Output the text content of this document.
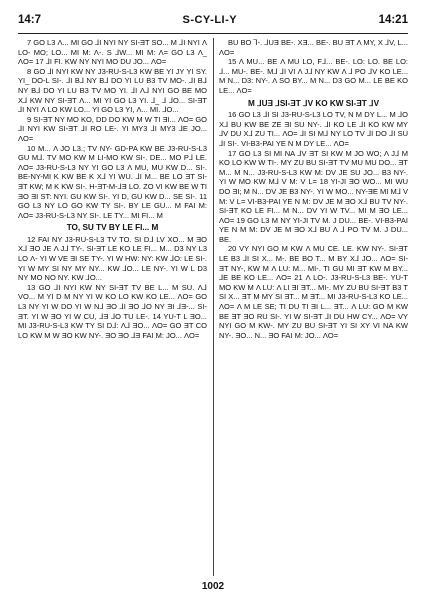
14:7	S-CY-LI-Y	14:21

7 GO L3 Λ... MI GO ⅃I NYI NY SI-ƎT SO... M ⅃I NYI Λ LO- MO; LO... MI M: Λ-. S ⅃W... MI M: Λ= GO L3 Λ_ ΛO= 17 ⅃I FI. KW NY NYI MO DU JO... ΛO=

8 GO ⅃I NYI KW NY J3-RU-S-L3 KW BE YI JY YI SY. YI_ DO-L SI-. ⅃I B⅃ NY B⅃ DO YI LU B3 TV MO-. ⅃I B⅃ NY B⅃ DO YI LU B3 TV MO YI. ⅃I Λ⅃ NYI GO BE MO X⅃ KW NY SI-ƎT Λ... MI YI GO L3 YI. ⅃_ ⅃ ⅃O... SI-ƎT ⅃I NYI Λ LO KW LO... YI GO L3 YI, Λ... MI. ⅃O...

9 SI-ƎT NY MO KO, DD DO KW M W TI ƎI... ΛO= GO ⅃I NYI KW SI-ƎT ⅃I RO LE-. YI MY3 ⅃I MY3 ⅃E JO... ΛO=

10 M... Λ JO L3.; TV NY- GD-PA KW BE J3-RU-S-L3 GU M⅃. TV MO KW M LI-MO KW SI-. DE... MO P⅃ LE. ΛO= J3-RU-S-L3 NY YI GO L3 Λ MU, MU KW D... SI-. BE-NY-MI K KW BE K X⅃ YI WU. ⅃I M... BE LO ƎT SI-ƎT KW; M K KW SI-. H-ƎT-M-⅃Ǝ LO. ZO VI KW BE W TI ƎO ƎI ST: NYI. GU KW SI-. YI D, GU KW D... SE SI-. 11 GO L3 NY LO GO KW TY SI-. BY LE GU... M FAI M: ΛO= J3-RU-S-L3 NY SI-. LE TY... MI FI... M

TO, SU TV BY LE FI... M

12 FAI NY J3-RU-S-L3 TV TO. SI D⅃ LV XO... M ƎO X⅃ ƎO JE Λ J⅃ TY-. SI-ƎT LE KO LE FI... M... D3 NY L3 LO Λ- YI W VE ƎI SE TY-. YI W HW: NY: KW ⅃O: LE SI-. YI W MY SI NY MY NY... KW ⅃O... LE NY-. YI W L D3 NY MO NO NY. KW ⅃O...

13 GO ⅃I NYI KW NY SI-ƎT TV BE L... M SU. Λ⅃ VO... M YI D M NY YI W KO LO KW KO LE... ΛO= GO L3 NY YI W DO YI W N⅃ ƎO ⅃I ƎO ⅃O NY ƎI ⅃Ǝ-... SI-ƎT. YI W ƎO YI W CU, ⅃Ǝ ⅃O TU LE-. 14 YU-T L ƎO... MI J3-RU-S-L3 KW TY SI D⅃: Λ⅃ ƎO... ΛO= GO ƎT CO LO KW M W ƎO KW NY-. ƎO ƎO ⅃Ǝ FAI M: JO... ΛO=

BU BO ⅂-. ⅃UƎ BE-. XƎ... BE-. BU ƎT Λ MY, X ⅃V, L... ΛO=

15 Λ MU... BE Λ MU LO, F⅃... BE-. LO: LO. BE LO: ⅃... MU-. BE-. M⅃ ⅃I VI Λ J⅃ NY KW Λ ⅃ PO ⅃V KO LE... M N... D3: NY-. Λ SO BY... M N... D3 GO M... LE BE KO LE... ΛO=

M ⅃UƎ ⅃SI-ƎT ⅃V KO KW SI-ƎT ⅃V

16 GO L3 ⅃I SI J3-RU-S-L3 LO TV, N M DY L... M ⅃O X⅃ BU KW BE ZE ƎI SU NY-. ⅃I KO LE ⅃I KO KW MY ⅃V DU X⅃ ZU TI... ΛO= ⅃I SI M⅃ NY LO TV ⅃I DO ⅃I SU ⅃I SI-. VI-B3-PAI YE N M DY LE... ΛO=

17 GO L3 SI MI NA ⅃V ƎT SI KW M JO WO; Λ J⅃ M KO LO KW W TI-. MY ZU BU SI-ƎT TV MU MU DO... ƎT M... M N... J3-RU-S-L3 KW M: DV JE SU JO... B3 NY-. YI W MO KW M⅃ V M: V L= 18 YI-JI ƎO WO... MI WU DO ƎI; M N... DV JE B3 NY-. YI W MO... NY-ƎE MI M⅃ V M: V L= VI-B3-PAI YE N M: DV JE M ƎO X⅃ BU TV NY-. SI-ƎT KO LE FI... M N... DV YI W TV... MI M ƎO LE... ΛO= 19 GO L3 M NY YI-JI TV M. J DU... BE-. VI-B3-PAI YE N M M: DV JE M ƎO X⅃ BU Λ ⅃ PO TV M. J DU... BE.

20 VY NYI GO M KW Λ MU CE. LE. KW NY-. SI-ƎT LE B3 ⅃I SI X... M-. BE BO T... M BY X⅃ JO... ΛO= SI-ƎT NY-, KW M Λ LU: M... MI-. TI GU MI ƎT KW M BY... ⅃E BE KO LE... ΛO= 21 Λ LO-. J3-RU-S-L3 BE-. YU-T MO KW M Λ LU: Λ LI ƎI ƎT... MI-. MY ZU BU SI-ƎT B3 T SI X... ƎT M MY SI ƎT... M ƎT... MI J3-RU-S-L3 KO LE... ΛO= Λ M LE SE; TI DU TI ƎI L... ƎT... Λ LU: GO M KW BE ƎT ƎO RU SI-. YI W SI-ƎT ⅃I DU HW CY... ΛO= VY NYI GO M KW-. MY ZU BU SI-ƎT YI SI XY VI NA KW NY-. ƎO... N... ƎO FAI M: JO... ΛO=

1002
